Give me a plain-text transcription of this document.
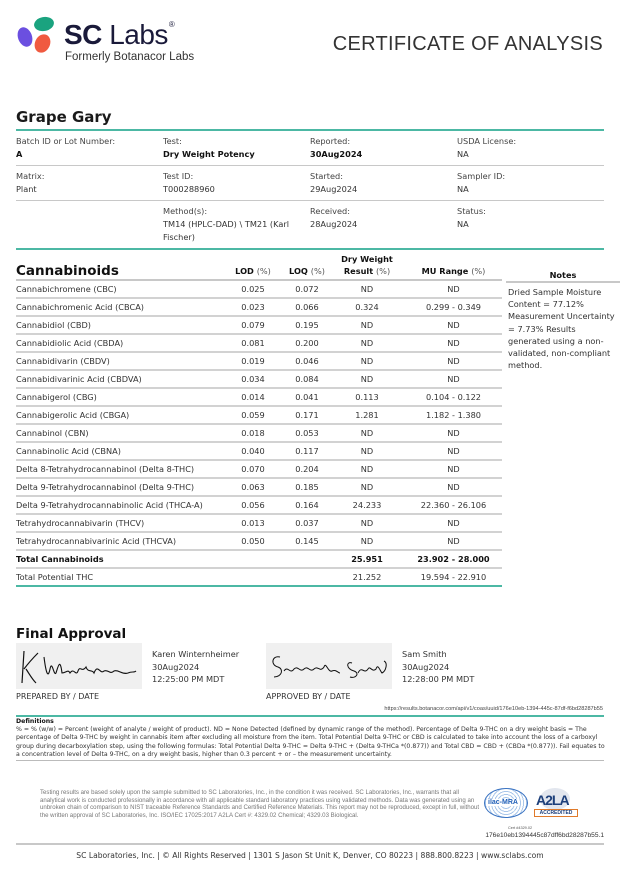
SC Labs®
Formerly Botanacor Labs
CERTIFICATE OF ANALYSIS
Grape Gary
Batch ID or Lot Number:
A
Test:
Dry Weight Potency
Reported:
30Aug2024
USDA License:
NA
Matrix:
Plant
Test ID:
T000288960
Started:
29Aug2024
Sampler ID:
NA
Method(s):
TM14 (HPLC-DAD) \ TM21 (Karl Fischer)
Received:
28Aug2024
Status:
NA
Cannabinoids	LOD (%)	LOQ (%)	Dry Weight
Result (%)	MU Range (%)
Cannabichromene (CBC)	0.025	0.072	ND	ND
Cannabichromenic Acid (CBCA)	0.023	0.066	0.324	0.299 - 0.349
Cannabidiol (CBD)	0.079	0.195	ND	ND
Cannabidiolic Acid (CBDA)	0.081	0.200	ND	ND
Cannabidivarin (CBDV)	0.019	0.046	ND	ND
Cannabidivarinic Acid (CBDVA)	0.034	0.084	ND	ND
Cannabigerol (CBG)	0.014	0.041	0.113	0.104 - 0.122
Cannabigerolic Acid (CBGA)	0.059	0.171	1.281	1.182 - 1.380
Cannabinol (CBN)	0.018	0.053	ND	ND
Cannabinolic Acid (CBNA)	0.040	0.117	ND	ND
Delta 8-Tetrahydrocannabinol (Delta 8-THC)	0.070	0.204	ND	ND
Delta 9-Tetrahydrocannabinol (Delta 9-THC)	0.063	0.185	ND	ND
Delta 9-Tetrahydrocannabinolic Acid (THCA-A)	0.056	0.164	24.233	22.360 - 26.106
Tetrahydrocannabivarin (THCV)	0.013	0.037	ND	ND
Tetrahydrocannabivarinic Acid (THCVA)	0.050	0.145	ND	ND
Total Cannabinoids			25.951	23.902 - 28.000
Total Potential THC			21.252	19.594 - 22.910
Notes
Dried Sample Moisture Content = 77.12% Measurement Uncertainty = 7.73% Results generated using a non-validated, non-compliant method.
Final Approval
Karen Winternheimer
30Aug2024
12:25:00 PM MDT
PREPARED BY / DATE
Sam Smith
30Aug2024
12:28:00 PM MDT
APPROVED BY / DATE
https://results.botanacor.com/api/v1/coas/uuid/176e10eb-1394-445c-87df-f6bd28287b55
Definitions
% = % (w/w) = Percent (weight of analyte / weight of product). ND = None Detected (defined by dynamic range of the method). Percentage of Delta 9-THC on a dry weight basis = The percentage of Delta 9-THC by weight in cannabis item after excluding all moisture from the item. Total Potential Delta 9-THC or CBD is calculated to take into account the loss of a carboxyl group during decarboxylation step, using the following formulas: Total Potential Delta 9-THC = Delta 9-THC + (Delta 9-THCa *(0.877)) and Total CBD = CBD + (CBDa *(0.877)). Fail equates to a concentration level of Delta 9-THC, on a dry weight basis, higher than 0.3 percent + or – the measurement uncertainty.
Testing results are based solely upon the sample submitted to SC Laboratories, Inc., in the condition it was received. SC Laboratories, Inc., warrants that all analytical work is conducted professionally in accordance with all applicable standard laboratory practices using validated methods. Data was generated using an unbroken chain of comparison to NIST traceable Reference Standards and Certified Reference Materials. This report may not be reproduced, except in full, without the written approval of SC Laboratories, Inc. ISO/IEC 17025:2017 A2LA Cert #: 4329.02 Chemical; 4329.03 Biological.
ilac-MRA A2LA
ACCREDITED
Cert #4329.02
176e10eb1394445c87dff6bd28287b55.1
SC Laboratories, Inc. | © All Rights Reserved | 1301 S Jason St Unit K, Denver, CO 80223 | 888.800.8223 | www.sclabs.com
